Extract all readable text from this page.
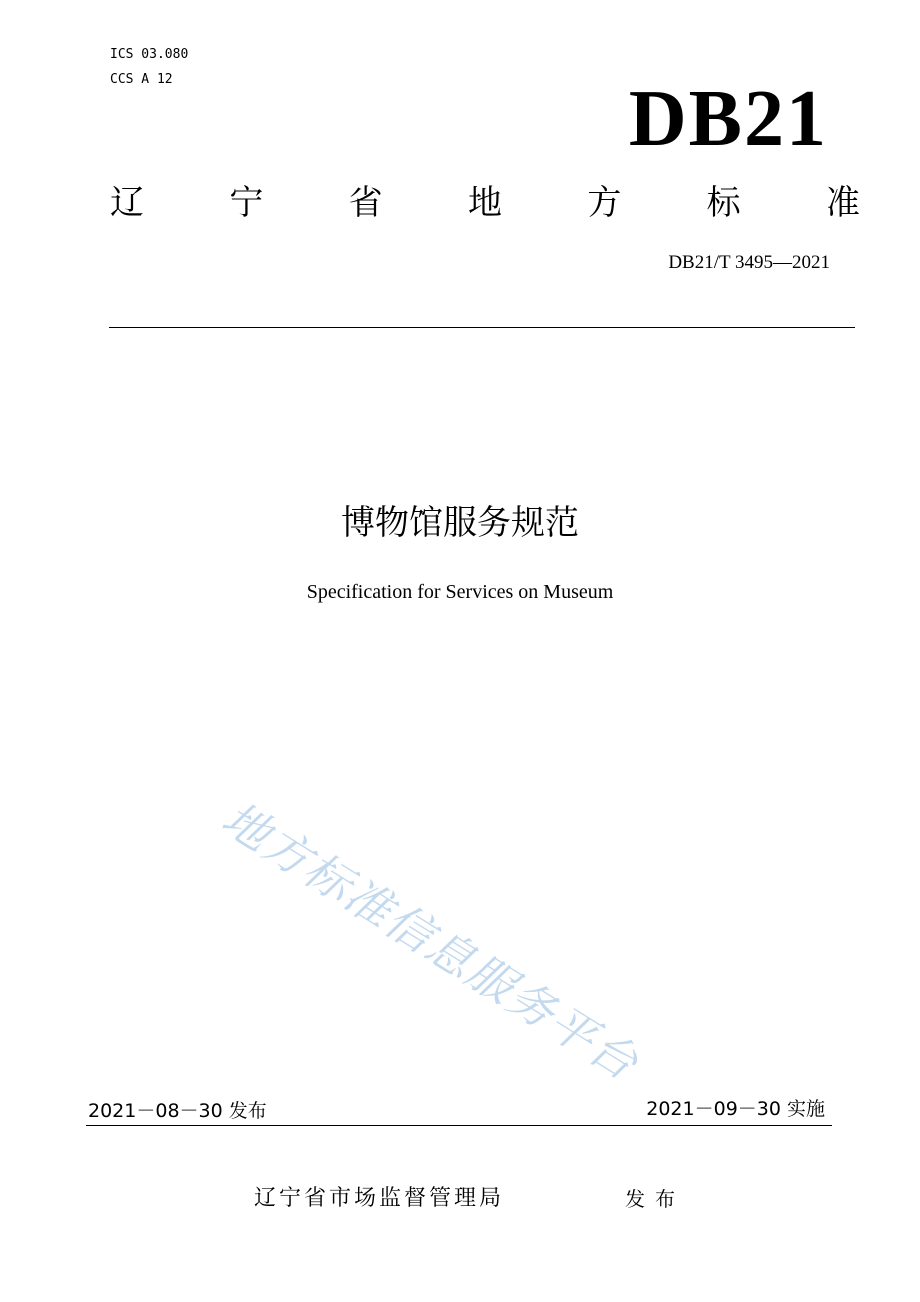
ICS 03.080
CCS A 12	DB21
辽	宁	省	地	方	标	准
DB21/T 3495—2021
博物馆服务规范
Specification for Services on Museum
地方标准信息服务平台
2021－08－30 发布	2021－09－30 实施
辽宁省市场监督管理局	发布
